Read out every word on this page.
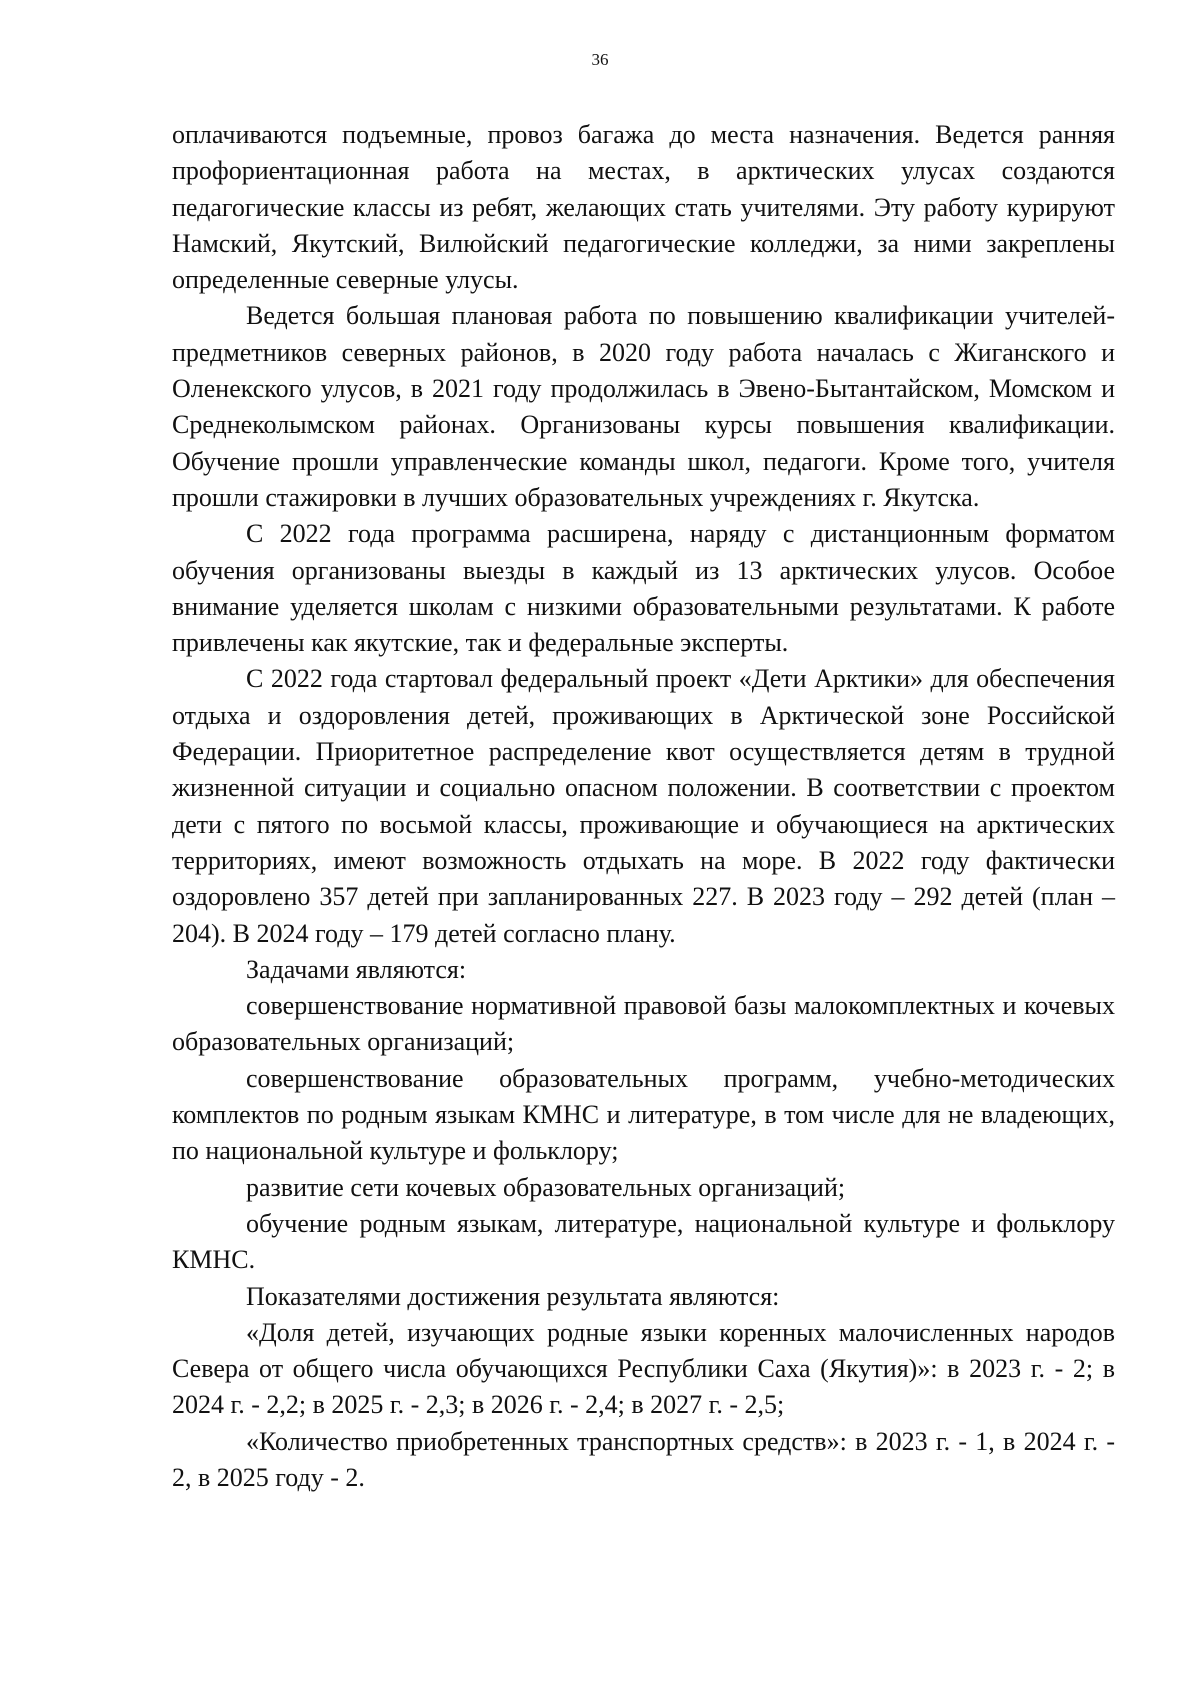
36

оплачиваются подъемные, провоз багажа до места назначения. Ведется ранняя профориентационная работа на местах, в арктических улусах создаются педагогические классы из ребят, желающих стать учителями. Эту работу курируют Намский, Якутский, Вилюйский педагогические колледжи, за ними закреплены определенные северные улусы.

Ведется большая плановая работа по повышению квалификации учителей-предметников северных районов, в 2020 году работа началась с Жиганского и Оленекского улусов, в 2021 году продолжилась в Эвено-Бытантайском, Момском и Среднеколымском районах. Организованы курсы повышения квалификации. Обучение прошли управленческие команды школ, педагоги. Кроме того, учителя прошли стажировки в лучших образовательных учреждениях г. Якутска.

С 2022 года программа расширена, наряду с дистанционным форматом обучения организованы выезды в каждый из 13 арктических улусов. Особое внимание уделяется школам с низкими образовательными результатами. К работе привлечены как якутские, так и федеральные эксперты.

С 2022 года стартовал федеральный проект «Дети Арктики» для обеспечения отдыха и оздоровления детей, проживающих в Арктической зоне Российской Федерации. Приоритетное распределение квот осуществляется детям в трудной жизненной ситуации и социально опасном положении. В соответствии с проектом дети с пятого по восьмой классы, проживающие и обучающиеся на арктических территориях, имеют возможность отдыхать на море. В 2022 году фактически оздоровлено 357 детей при запланированных 227. В 2023 году – 292 детей (план – 204). В 2024 году – 179 детей согласно плану.

Задачами являются:

совершенствование нормативной правовой базы малокомплектных и кочевых образовательных организаций;

совершенствование образовательных программ, учебно-методических комплектов по родным языкам КМНС и литературе, в том числе для не владеющих, по национальной культуре и фольклору;

развитие сети кочевых образовательных организаций;

обучение родным языкам, литературе, национальной культуре и фольклору КМНС.

Показателями достижения результата являются:

«Доля детей, изучающих родные языки коренных малочисленных народов Севера от общего числа обучающихся Республики Саха (Якутия)»: в 2023 г. - 2; в 2024 г. - 2,2; в 2025 г. - 2,3; в 2026 г. - 2,4; в 2027 г. - 2,5;

«Количество приобретенных транспортных средств»: в 2023 г. - 1, в 2024 г. - 2, в 2025 году - 2.
